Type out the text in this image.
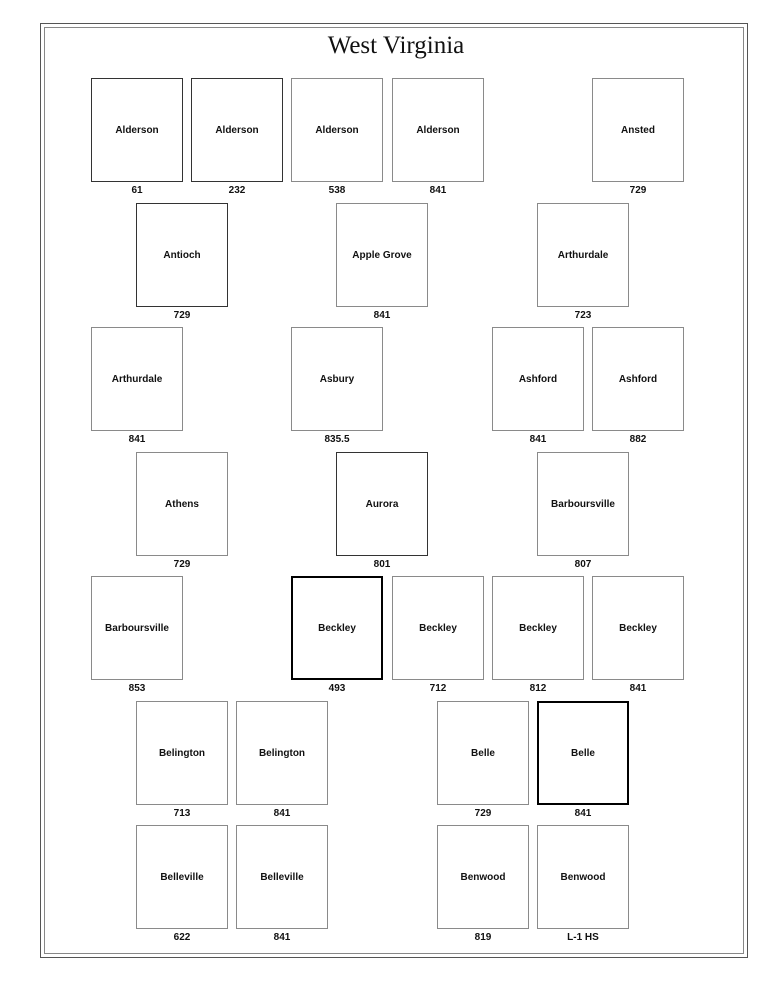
West Virginia
Alderson
61
Alderson
232
Alderson
538
Alderson
841
Ansted
729
Antioch
729
Apple Grove
841
Arthurdale
723
Arthurdale
841
Asbury
835.5
Ashford
841
Ashford
882
Athens
729
Aurora
801
Barboursville
807
Barboursville
853
Beckley
493
Beckley
712
Beckley
812
Beckley
841
Belington
713
Belington
841
Belle
729
Belle
841
Belleville
622
Belleville
841
Benwood
819
Benwood
L-1 HS
